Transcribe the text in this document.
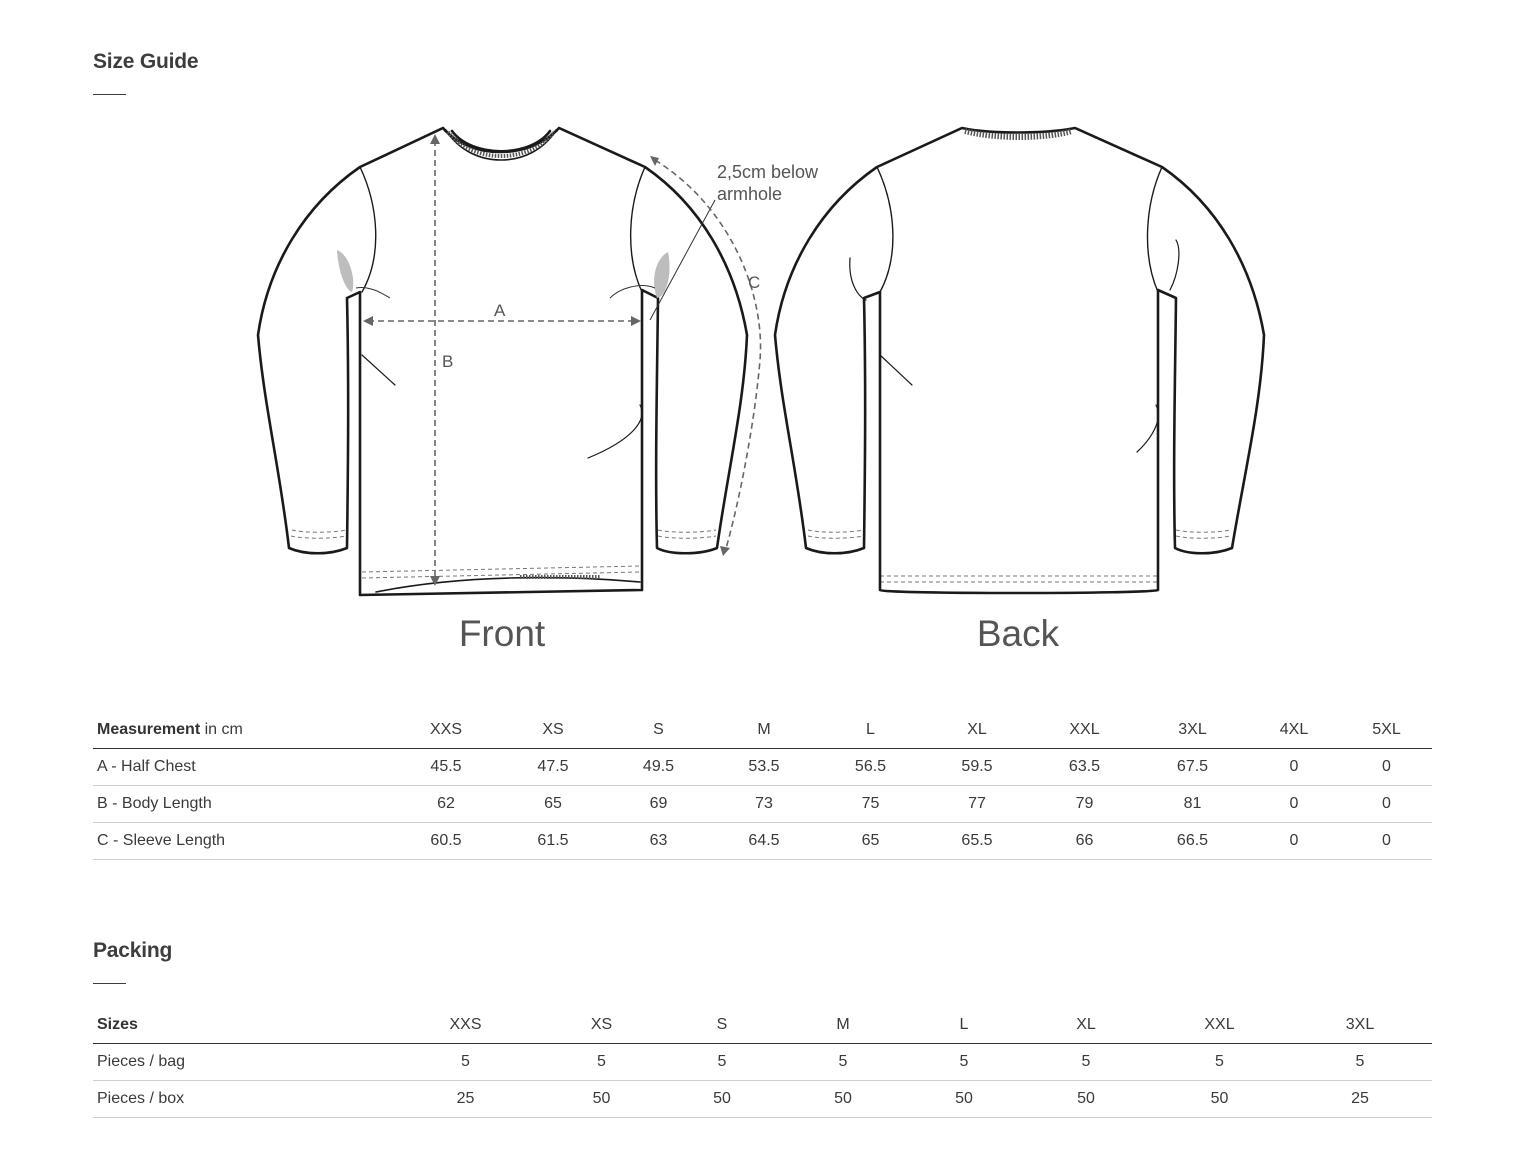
Size Guide
A
B
C
2,5cm below
armhole
Front	Back
Measurement in cm	XXS	XS	S	M	L	XL	XXL	3XL	4XL	5XL
A - Half Chest	45.5	47.5	49.5	53.5	56.5	59.5	63.5	67.5	0	0
B - Body Length	62	65	69	73	75	77	79	81	0	0
C - Sleeve Length	60.5	61.5	63	64.5	65	65.5	66	66.5	0	0
Packing
Sizes	XXS	XS	S	M	L	XL	XXL	3XL
Pieces / bag	5	5	5	5	5	5	5	5
Pieces / box	25	50	50	50	50	50	50	25
